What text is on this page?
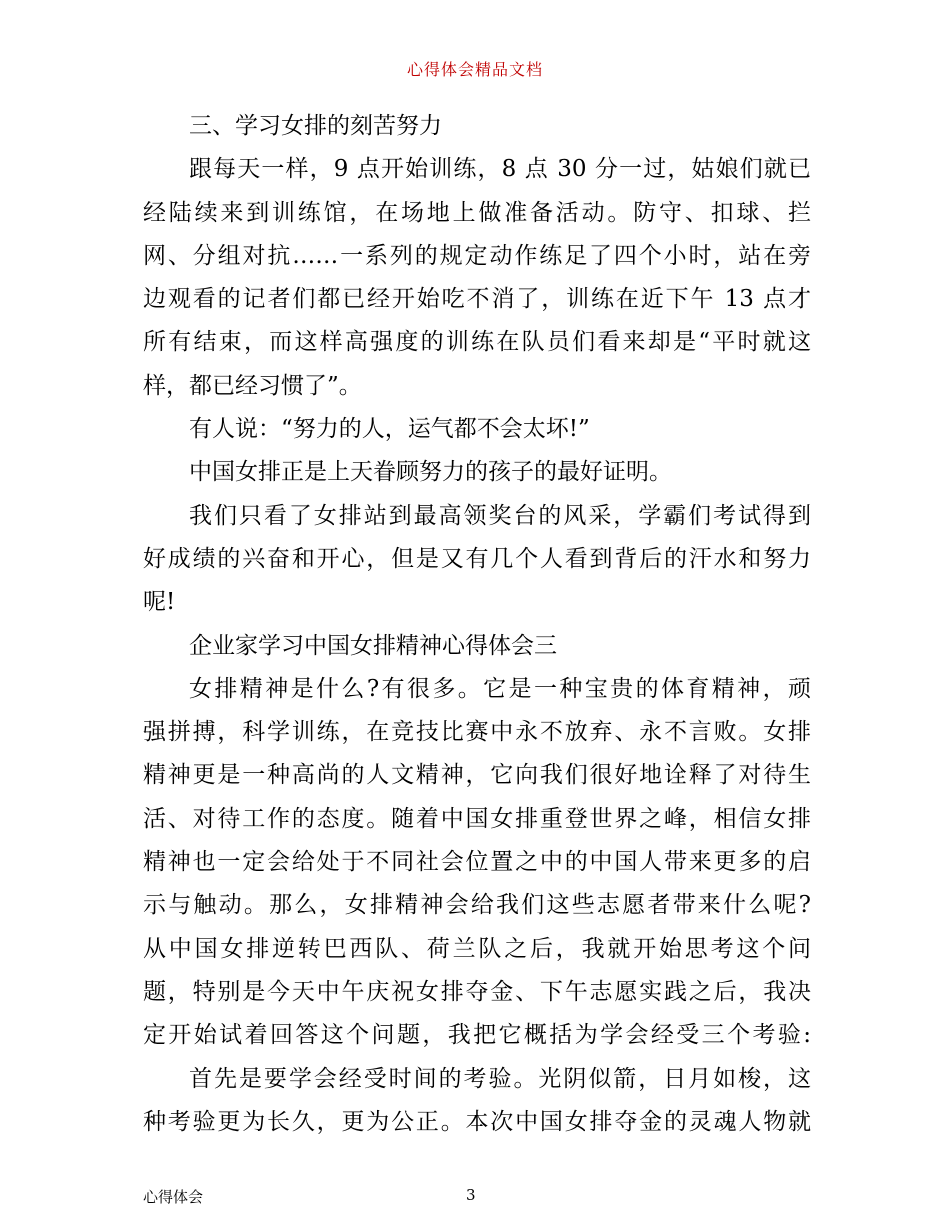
心得体会精品文档
三、学习女排的刻苦努力
跟每天一样，9 点开始训练，8 点 30 分一过，姑娘们就已
经陆续来到训练馆，在场地上做准备活动。防守、扣球、拦
网、分组对抗……一系列的规定动作练足了四个小时，站在旁
边观看的记者们都已经开始吃不消了，训练在近下午 13 点才
所有结束，而这样高强度的训练在队员们看来却是“平时就这
样，都已经习惯了”。
有人说：“努力的人，运气都不会太坏!”
中国女排正是上天眷顾努力的孩子的最好证明。
我们只看了女排站到最高领奖台的风采，学霸们考试得到
好成绩的兴奋和开心，但是又有几个人看到背后的汗水和努力
呢!
企业家学习中国女排精神心得体会三
女排精神是什么?有很多。它是一种宝贵的体育精神，顽
强拼搏，科学训练，在竞技比赛中永不放弃、永不言败。女排
精神更是一种高尚的人文精神，它向我们很好地诠释了对待生
活、对待工作的态度。随着中国女排重登世界之峰，相信女排
精神也一定会给处于不同社会位置之中的中国人带来更多的启
示与触动。那么，女排精神会给我们这些志愿者带来什么呢?
从中国女排逆转巴西队、荷兰队之后，我就开始思考这个问
题，特别是今天中午庆祝女排夺金、下午志愿实践之后，我决
定开始试着回答这个问题，我把它概括为学会经受三个考验:
首先是要学会经受时间的考验。光阴似箭，日月如梭，这
种考验更为长久，更为公正。本次中国女排夺金的灵魂人物就
心得体会	3
